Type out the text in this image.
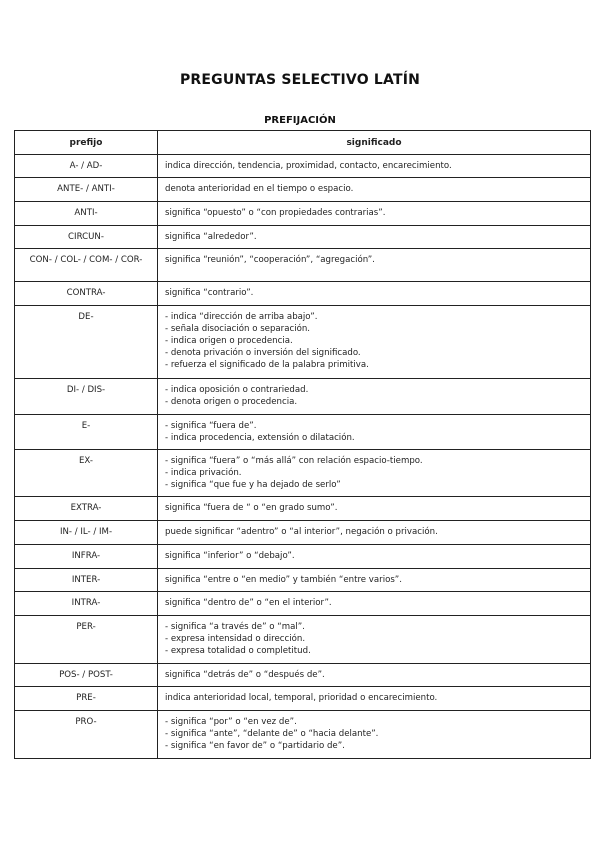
PREGUNTAS SELECTIVO LATÍN

PREFIJACIÓN

prefijo	significado
A- / AD-	indica dirección, tendencia, proximidad, contacto, encarecimiento.

ANTE- / ANTI-	denota anterioridad en el tiempo o espacio.

ANTI-	significa “opuesto” o “con propiedades contrarias”.

CIRCUN-	significa “alrededor”.

CON- / COL- / COM- / COR-	significa “reunión”, “cooperación”, “agregación”.

CONTRA-	significa “contrario”.

DE-	- indica “dirección de arriba abajo”.
- señala disociación o separación.
- indica origen o procedencia.
- denota privación o inversión del significado.
- refuerza el significado de la palabra primitiva.

DI- / DIS-	- indica oposición o contrariedad.
- denota origen o procedencia.

E-	- significa “fuera de”.
- indica procedencia, extensión o dilatación.

EX-	- significa “fuera” o “más allá” con relación espacio-tiempo.
- indica privación.
- significa “que fue y ha dejado de serlo”

EXTRA-	significa “fuera de “ o “en grado sumo”.

IN- / IL- / IM-	puede significar “adentro” o “al interior”, negación o privación.

INFRA-	significa “inferior” o “debajo”.

INTER-	significa “entre o “en medio” y también “entre varios”.

INTRA-	significa “dentro de” o “en el interior”.

PER-	- significa “a través de” o “mal”.
- expresa intensidad o dirección.
- expresa totalidad o completitud.

POS- / POST-	significa “detrás de” o “después de”.

PRE-	indica anterioridad local, temporal, prioridad o encarecimiento.

PRO-	- significa “por” o “en vez de”.
- significa “ante”, “delante de” o “hacia delante”.
- significa “en favor de” o “partidario de”.
